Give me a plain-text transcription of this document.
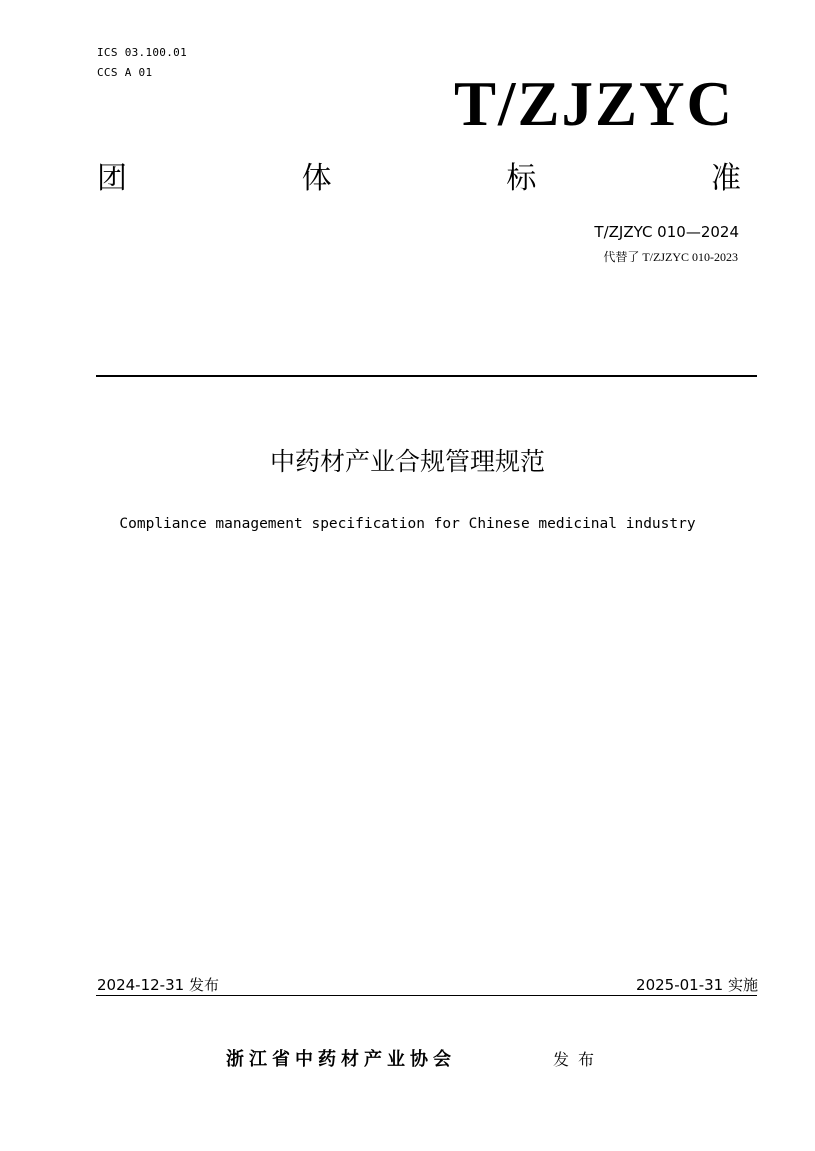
ICS 03.100.01
CCS A 01	T/ZJZYC
团	体	标	准
T/ZJZYC 010—2024
代替了 T/ZJZYC 010-2023
中药材产业合规管理规范
Compliance management specification for Chinese medicinal industry
2024-12-31 发布	2025-01-31 实施
浙江省中药材产业协会	发布
